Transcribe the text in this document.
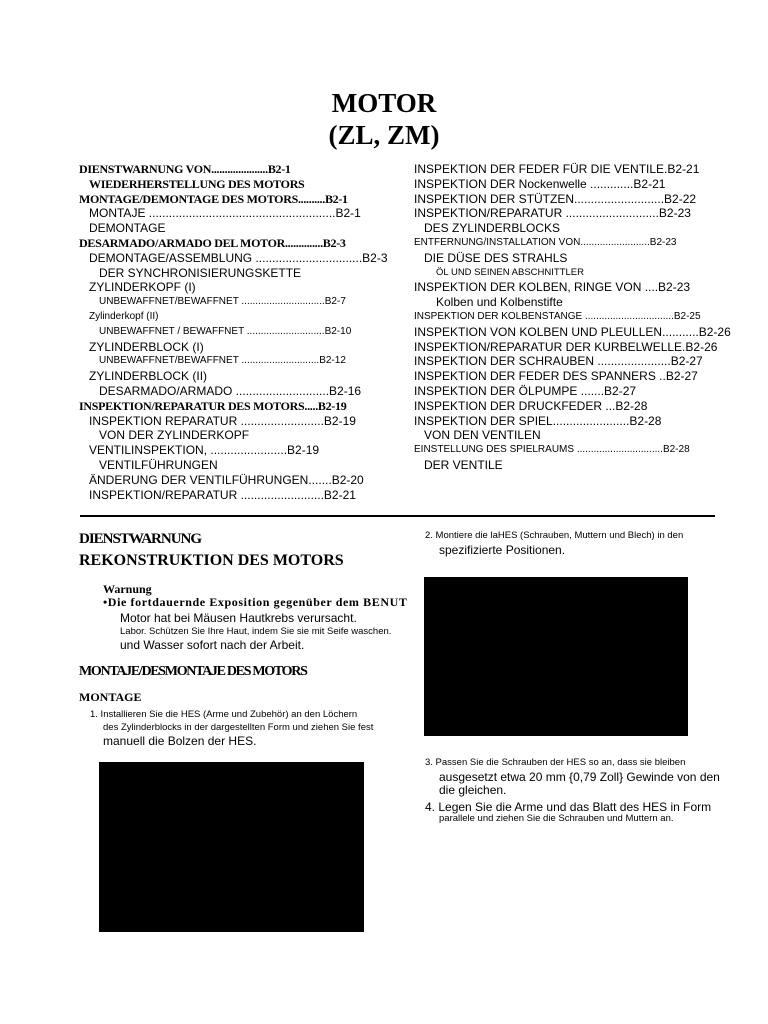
MOTOR
(ZL, ZM)
DIENSTWARNUNG VON.....................B2-1
WIEDERHERSTELLUNG DES MOTORS
MONTAGE/DEMONTAGE DES MOTORS..........B2-1
MONTAJE ........................................................B2-1
DEMONTAGE
DESARMADO/ARMADO DEL MOTOR..............B2-3
DEMONTAGE/ASSEMBLUNG ................................B2-3
DER SYNCHRONISIERUNGSKETTE
ZYLINDERKOPF (I)
UNBEWAFFNET/BEWAFFNET ..............................B2-7
Zylinderkopf (II)
UNBEWAFFNET / BEWAFFNET ............................B2-10
ZYLINDERBLOCK (I)
UNBEWAFFNET/BEWAFFNET ............................B2-12
ZYLINDERBLOCK (II)
DESARMADO/ARMADO ............................B2-16
INSPEKTION/REPARATUR DES MOTORS.....B2-19
INSPEKTION REPARATUR .........................B2-19
VON DER ZYLINDERKOPF
VENTILINSPEKTION, .......................B2-19
VENTILFÜHRUNGEN
ÄNDERUNG DER VENTILFÜHRUNGEN.......B2-20
INSPEKTION/REPARATUR .........................B2-21
INSPEKTION DER FEDER FÜR DIE VENTILE.B2-21
INSPEKTION DER Nockenwelle .............B2-21
INSPEKTION DER STÜTZEN...........................B2-22
INSPEKTION/REPARATUR ............................B2-23
DES ZYLINDERBLOCKS
ENTFERNUNG/INSTALLATION VON.........................B2-23
DIE DÜSE DES STRAHLS
ÖL UND SEINEN ABSCHNITTLER
INSPEKTION DER KOLBEN, RINGE VON ....B2-23
Kolben und Kolbenstifte
INSPEKTION DER KOLBENSTANGE ................................B2-25
INSPEKTION VON KOLBEN UND PLEULLEN...........B2-26
INSPEKTION/REPARATUR DER KURBELWELLE.B2-26
INSPEKTION DER SCHRAUBEN ......................B2-27
INSPEKTION DER FEDER DES SPANNERS ..B2-27
INSPEKTION DER ÖLPUMPE .......B2-27
INSPEKTION DER DRUCKFEDER ...B2-28
INSPEKTION DER SPIEL.......................B2-28
VON DEN VENTILEN
EINSTELLUNG DES SPIELRAUMS ...............................B2-28
DER VENTILE
DIENSTWARNUNG
REKONSTRUKTION DES MOTORS
Warnung
•Die fortdauernde Exposition gegenüber dem BENUT
Motor hat bei Mäusen Hautkrebs verursacht.
Labor. Schützen Sie Ihre Haut, indem Sie sie mit Seife waschen.
und Wasser sofort nach der Arbeit.
MONTAJE/DESMONTAJE DES MOTORS
MONTAGE
1. Installieren Sie die HES (Arme und Zubehör) an den Löchern
des Zylinderblocks in der dargestellten Form und ziehen Sie fest
manuell die Bolzen der HES.
2. Montiere die laHES (Schrauben, Muttern und Blech) in den
spezifizierte Positionen.
3. Passen Sie die Schrauben der HES so an, dass sie bleiben
ausgesetzt etwa 20 mm {0,79 Zoll} Gewinde von den
die gleichen.
4. Legen Sie die Arme und das Blatt des HES in Form
parallele und ziehen Sie die Schrauben und Muttern an.
